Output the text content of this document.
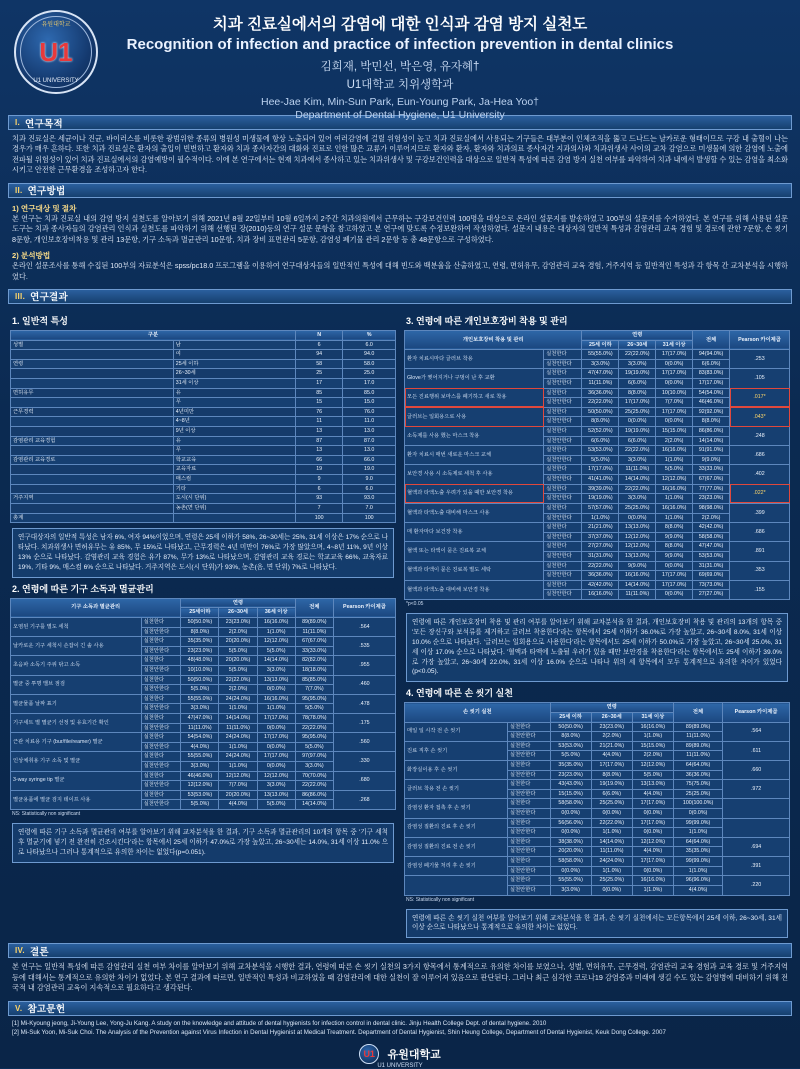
유원대학교
U1
U1 UNIVERSITY
치과 진료실에서의 감염에 대한 인식과 감염 방지 실천도
Recognition of infection and practice of infection prevention in dental clinics
김희재, 박민선, 박은영, 유자혜†
U1대학교 치위생학과
Hee-Jae Kim, Min-Sun Park, Eun-Young Park, Ja-Hea Yoo†
Department of Dental Hygiene, U1 University
I. 연구목적
치과 진료실은 세균이나 진균, 바이러스를 비롯한 광범위한 종류의 병원성 미생물에 항상 노출되어 있어 여러감염에 걸릴 위험성이 높고 치과 진료실에서 사용되는 기구들은 대부분이 인체조직을 뚫고 드나드는 날카로운 형태이므로 구강 내 출혈이 나는 경우가 매우 흔하다. 또한 치과 진료실은 환자의 출입이 빈번하고 환자와 치과 종사자간의 대화와 진료로 인한 많은 교류가 이루어지므로 환자와 환자, 환자와 치과의료 종사자간 지과의사와 치과위생사 사이의 교차 감염으로 미생물에 의한 감염에 노출에 전파될 위험성이 있어 치과 진료실에서의 감염예방이 필수적이다. 이에 본 연구에서는 현재 치과에서 종사하고 있는 치과위생사 및 구강보건인력을 대상으로 일반적 특성에 따른 감염 방지 실천 여부를 파악하여 치과 내에서 발생할 수 있는 감염을 최소화시키고 안전한 근무환경을 조성하고자 한다.
II. 연구방법
1) 연구대상 및 절차
본 연구는 치과 진료실 내의 감염 방지 실천도를 알아보기 위해 2021년 8월 22일부터 10월 6일까지 2주간 치과의원에서 근무하는 구강보건인력 100명을 대상으로 온라인 설문지를 발송하였고 100부의 설문지를 수거하였다. 본 연구를 위해 사용된 설문 도구는 치과 종사자들의 감염관리 인식과 실천도를 파악하기 위해 선행된 장(2010)등의 연구 설문 문항을 참고하였고 본 연구에 맞도록 수정보완하여 작성하였다. 설문지 내용은 대상자의 일반적 특성과 감염관리 교육 경험 및 경로에 관한 7문항, 손 씻기 8문항, 개인보호장비착용 및 관리 13문항, 기구 소독과 멸균관리 10문항, 치과 장비 표면관리 5문항, 감염성 폐기물 관리 2문항 등 총 48문항으로 구성하였다.
2) 분석방법
온라인 설문조사를 통해 수집된 100부의 자료분석은 spss/pc18.0 프로그램을 이용하여 연구대상자들의 일반적인 특성에 대해 빈도와 백분율을 산출하였고, 연령, 면허유무, 감염관리 교육 경험, 거주지역 등 일반적인 특성과 각 항목 간 교차분석을 시행하였다.
III. 연구결과
1. 일반적 특성
구분		N	%
성별	남	6	6.0
	여	94	94.0
연령	25세 이하	58	58.0
	26~30세	25	25.0
	31세 이상	17	17.0
면허유무	유	85	85.0
	무	15	15.0
근무경력	4년미만	76	76.0
	4~8년	11	11.0
	9년 이상	13	13.0
감염관리 교육경험	유	87	87.0
	무	13	13.0
감염관리 교육경로	학교교육	66	66.0
	교육자료	19	19.0
	매스컴	9	9.0
	기타	6	6.0
거주지역	도시(시 단위)	93	93.0
	농촌(면 단위)	7	7.0
총계		100	100
연구대상자의 일반적 특성은 남자 6%, 여자 94%이었으며, 연령은 25세 이하가 58%, 26~30세는 25%, 31세 이상은 17% 순으로 나타났다. 치과위생사 면허유무는 유 85%, 무 15%로 나타났고, 근무경력은 4년 미만이 76%로 가장 많았으며, 4~8년 11%, 9년 이상 13% 순으로 나타났다. 감염관리 교육 경험은 유가 87%, 무가 13%로 나타났으며, 감염관리 교육 경로는 학교교육 66%, 교육자료 19%, 기타 9%, 매스컴 6% 순으로 나타났다. 거주지역은 도시(시 단위)가 93%, 농촌(음, 면 단위) 7%로 나타났다.
2. 연령에 따른 기구 소독과 멸균관리
기구 소독과 멸균관리		연령			전체	Pearson 카이제곱
		25세이하	26~30세	36세 이상		
오염된 기구를 별도 세척	실천한다	50(50.0%)	23(23.0%)	16(16.0%)	89(89.0%)	.564
	실천안한다	8(8.0%)	2(2.0%)	1(1.0%)	11(11.0%)	
날카로운 기구 세척시 손잡이 긴 솔 사용	실천한다	35(35.0%)	20(20.0%)	12(12.0%)	67(67.0%)	.535
	실천안한다	23(23.0%)	5(5.0%)	5(5.0%)	33(33.0%)	
초음파 소독기 주위 닦고 소독	실천한다	48(48.0%)	20(20.0%)	14(14.0%)	82(82.0%)	.955
	실천안한다	10(10.0%)	5(5.0%)	3(3.0%)	18(18.0%)	
멸균 중 투명 밸브 점검	실천한다	50(50.0%)	22(22.0%)	13(13.0%)	85(85.0%)	.460
	실천안한다	5(5.0%)	2(2.0%)	0(0.0%)	7(7.0%)	
멸균물품 날짜 표기	실천한다	55(55.0%)	24(24.0%)	16(16.0%)	95(95.0%)	.478
	실천안한다	3(3.0%)	1(1.0%)	1(1.0%)	5(5.0%)	
기구세트 별 멸균기 선정 및 유효기간 확인	실천한다	47(47.0%)	14(14.0%)	17(17.0%)	78(78.0%)	.175
	실천안한다	11(11.0%)	11(11.0%)	0(0.0%)	22(22.0%)	
근관 치료용 기구 (bur/file/reamer) 멸균	실천한다	54(54.0%)	24(24.0%)	17(17.0%)	95(95.0%)	.560
	실천안한다	4(4.0%)	1(1.0%)	0(0.0%)	5(5.0%)	
인상체취용 기구 소독 및 멸균	실천한다	55(55.0%)	24(24.0%)	17(17.0%)	97(97.0%)	.330
	실천안한다	3(3.0%)	1(1.0%)	0(0.0%)	3(3.0%)	
3-way syringe tip 멸균	실천한다	46(46.0%)	12(12.0%)	12(12.0%)	70(70.0%)	.680
	실천안한다	12(12.0%)	7(7.0%)	3(3.0%)	22(22.0%)	
멸균용품에 멸균 검지 테이프 사용	실천한다	53(53.0%)	20(20.0%)	13(13.0%)	86(86.0%)	.268
	실천안한다	5(5.0%)	4(4.0%)	5(5.0%)	14(14.0%)	
NS: Statistically non significant
연령에 따른 기구 소독과 멸균관리 여부를 알아보기 위해 교차분석을 한 결과, 기구 소독과 멸균관리의 10개의 항목 중 '기구 세척 후 멸균기에 넣기 전 완전히 건조시킨다'라는 항목에서 25세 이하가 47.0%로 가장 높았고, 26~30세는 14.0%, 31세 이상 11.0% 으로 나타났으나 그러나 통계적으로 유의한 차이는 없었다(p=0.051).
3. 연령에 따른 개인보호장비 착용 및 관리
개인보호장비 착용 및 관리		연령			전체	Pearson 카이제곱
		25세 이하	26~30세	31세 이상		
환자 치료시마다 글러브 착용	실천한다	55(55.0%)	22(22.0%)	17(17.0%)	94(94.0%)	.253
	실천안한다	3(3.0%)	3(3.0%)	0(0.0%)	6(6.0%)	
Glove가 찢어지거나 구멍이 난 후 교환	실천한다	47(47.0%)	19(19.0%)	17(17.0%)	83(83.0%)	.105
	실천안한다	11(11.0%)	6(6.0%)	0(0.0%)	17(17.0%)	
모든 진료행위 보마스를 폐기하고 새로 착용	실천한다	36(36.0%)	8(8.0%)	10(10.0%)	54(54.0%)	.017*
	실천안한다	22(22.0%)	17(17.0%)	7(7.0%)	46(46.0%)	
글러브는 일회용으로 사용	실천한다	50(50.0%)	25(25.0%)	17(17.0%)	92(92.0%)	.043*
	실천안한다	8(8.0%)	0(0.0%)	0(0.0%)	8(8.0%)	
소독제를 사용 했는 마스크 착용	실천한다	52(52.0%)	19(19.0%)	15(15.0%)	86(86.0%)	.248
	실천안한다	6(6.0%)	6(6.0%)	2(2.0%)	14(14.0%)	
환자 치료시 매번 새로운 마스크 교체	실천한다	53(53.0%)	22(22.0%)	16(16.0%)	91(91.0%)	.686
	실천안한다	5(5.0%)	3(3.0%)	1(1.0%)	9(9.0%)	
보안경 사용 시 소독제로 세척 후 사용	실천한다	17(17.0%)	11(11.0%)	5(5.0%)	33(33.0%)	.402
	실천안한다	41(41.0%)	14(14.0%)	12(12.0%)	67(67.0%)	
혈액과 타액노출 우려가 있을 때만 보안경 착용	실천한다	39(39.0%)	22(22.0%)	16(16.0%)	77(77.0%)	.022*
	실천안한다	19(19.0%)	3(3.0%)	1(1.0%)	23(23.0%)	
혈액과 타액노출 대비해 마스크 사용	실천한다	57(57.0%)	25(25.0%)	16(16.0%)	98(98.0%)	.399
	실천안한다	1(1.0%)	0(0.0%)	1(1.0%)	2(2.0%)	
매 환자마다 보건장 착용	실천한다	21(21.0%)	13(13.0%)	8(8.0%)	42(42.0%)	.686
	실천안한다	37(37.0%)	12(12.0%)	9(9.0%)	58(58.0%)	
혈액 또는 타액이 묻은 진료복 교체	실천한다	27(27.0%)	12(12.0%)	8(8.0%)	47(47.0%)	.891
	실천안한다	31(31.0%)	13(13.0%)	9(9.0%)	53(53.0%)	
혈액과 타액이 묻은 진료복 별도 세탁	실천한다	22(22.0%)	9(9.0%)	0(0.0%)	31(31.0%)	.353
	실천안한다	36(36.0%)	16(16.0%)	17(17.0%)	69(69.0%)	
혈액과 타액노출 대비해 보안경 착용	실천한다	42(42.0%)	14(14.0%)	17(17.0%)	73(73.0%)	.155
	실천안한다	16(16.0%)	11(11.0%)	0(0.0%)	27(27.0%)	
*p<0.05
연령에 따른 개인보호장비 착용 및 관리 여부를 알아보기 위해 교차분석을 한 결과, 개인보호장비 착용 및 관리의 13개의 항목 중 '모든 장신구와 보석류를 제거하고 글러브 착용한다'라는 항목에서 25세 이하가 36.0%로 가장 높았고, 26~30세 8.0%, 31세 이상 10.0% 순으로 나타났다. '글러브는 일회용으로 사용한다'라는 항목에서도 25세 이하가 50.0%로 가장 높았고, 26~30세 25.0%, 31세 이상 17.0% 순으로 나타났다. '혈액과 타액에 노출될 우려가 있을 때만 보안경을 착용한다'라는 항목에서도 25세 이하가 39.0%로 가장 높았고, 26~30세 22.0%, 31세 이상 16.0% 순으로 나타나 위의 세 항목에서 모두 통계적으로 유의한 차이가 있었다(p<0.05).
4. 연령에 따른 손 씻기 실천
손 씻기 실천		연령			전체	Pearson 카이제곱
		25세 이하	26~30세	31세 이상		
매일 일 시작 전 손 씻기	실천한다	50(50.0%)	23(23.0%)	16(16.0%)	89(89.0%)	.564
	실천안한다	8(8.0%)	2(2.0%)	1(1.0%)	11(11.0%)	
진료 직후 손 씻기	실천한다	53(53.0%)	21(21.0%)	15(15.0%)	89(89.0%)	.611
	실천안한다	5(5.0%)	4(4.0%)	2(2.0%)	11(11.0%)	
화장실이용 후 손 씻기	실천한다	35(35.0%)	17(17.0%)	12(12.0%)	64(64.0%)	.660
	실천안한다	23(23.0%)	8(8.0%)	5(5.0%)	36(36.0%)	
글러브 착용 전 손 씻기	실천한다	43(43.0%)	19(19.0%)	13(13.0%)	75(75.0%)	.972
	실천안한다	15(15.0%)	6(6.0%)	4(4.0%)	25(25.0%)	
감염성 환자 접촉 후 손 씻기	실천한다	58(58.0%)	25(25.0%)	17(17.0%)	100(100.0%)	
	실천안한다	0(0.0%)	0(0.0%)	0(0.0%)	0(0.0%)	
감염성 질환의 진료 후 손 씻기	실천한다	56(56.0%)	22(22.0%)	17(17.0%)	99(99.0%)	
	실천안한다	0(0.0%)	1(1.0%)	0(0.0%)	1(1.0%)	
감염성 질환의 진료 전 손 씻기	실천한다	38(38.0%)	14(14.0%)	12(12.0%)	64(64.0%)	.694
	실천안한다	20(20.0%)	11(11.0%)	4(4.0%)	35(35.0%)	
감염성 폐기물 처리 후 손 씻기	실천한다	58(58.0%)	24(24.0%)	17(17.0%)	99(99.0%)	.391
	실천안한다	0(0.0%)	1(1.0%)	0(0.0%)	1(1.0%)	
	실천한다	55(55.0%)	25(25.0%)	16(16.0%)	96(96.0%)	.220
	실천안한다	3(3.0%)	0(0.0%)	1(1.0%)	4(4.0%)	
NS: Statistically non significant
연령에 따른 손 씻기 실천 여부를 알아보기 위해 교차분석을 한 결과, 손 씻기 실천에서는 모든항목에서 25세 이하, 26~30세, 31세 이상 순으로 나타났으나 통계적으로 유의한 차이는 없었다.
IV. 결론
본 연구는 일반적 특성에 따른 감염관리 실천 여부 차이를 알아보기 위해 교차분석을 시행한 결과, 연령에 따른 손 씻기 실천의 3가지 항목에서 통계적으로 유의한 차이를 보였으나, 성별, 면허유무, 근무경력, 감염관리 교육 경험과 교육 경로 및 거주지역 등에 대해서는 통계적으로 유의한 차이가 없었다. 본 연구 결과에 따르면, 일반적인 특성과 비교하였을 때 감염관리에 대한 실천이 잘 이루어져 있음으로 판단된다. 그러나 최근 심각한 코로나19 감염증과 미래에 생길 수도 있는 감염병에 대비하기 위해 전국적 내 감염관리 교육이 지속적으로 필요하다고 생각된다.
V. 참고문헌
[1] Mi-Kyoung jeong, Ji-Young Lee, Yong-Ju Kang. A study on the knowledge and attitude of dental hygienists for infection control in dental clinic. Jinju Health College Dept. of dental hygiene. 2010
[2] Mi-Suk Yoon, Mi-Suk Choi. The Analysis of the Prevention against Virus Infection in Dental Hygienist at Medical Treatment. Department of Dental Hygienist, Shin Heung College, Department of Dental Hygienist, Keuk Dong College. 2007
U1 유원대학교
U1 UNIVERSITY
